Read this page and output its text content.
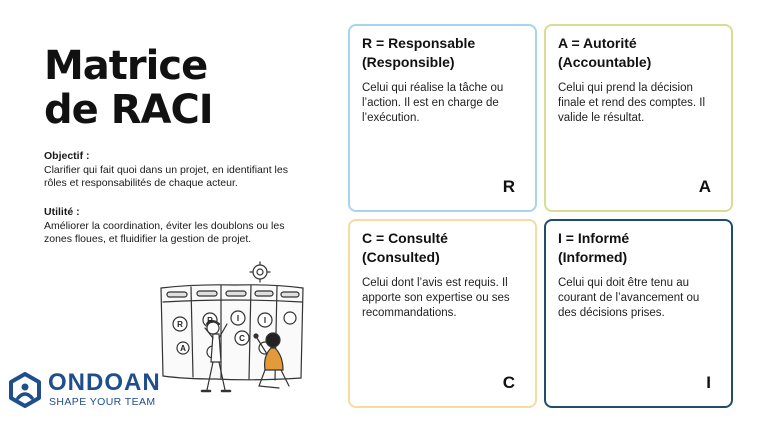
Matrice
de RACI
Objectif :
Clarifier qui fait quoi dans un projet, en identifiant les rôles et responsabilités de chaque acteur.
Utilité :
Améliorer la coordination, éviter les doublons ou les zones floues, et fluidifier la gestion de projet.
R	R	I	I
C
A
ONDOAN
SHAPE YOUR TEAM
R = Responsable
(Responsible)
Celui qui réalise la tâche ou l’action. Il est en charge de l’exécution.
R
A = Autorité
(Accountable)
Celui qui prend la décision finale et rend des comptes. Il valide le résultat.
A
C = Consulté
(Consulted)
Celui dont l’avis est requis. Il apporte son expertise ou ses recommandations.
C
I = Informé
(Informed)
Celui qui doit être tenu au courant de l’avancement ou des décisions prises.
I
